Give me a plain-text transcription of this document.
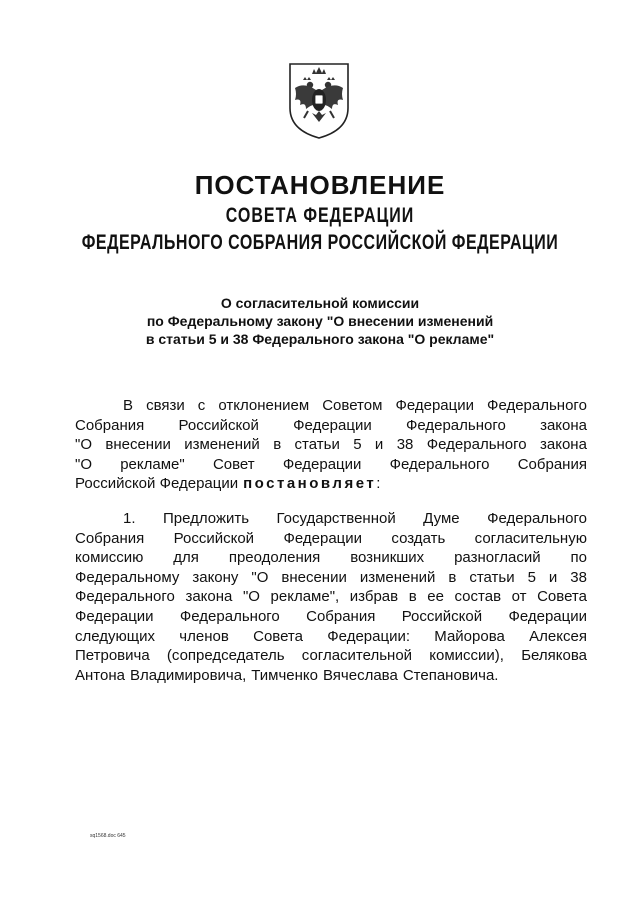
ПОСТАНОВЛЕНИЕ
СОВЕТА ФЕДЕРАЦИИ
ФЕДЕРАЛЬНОГО СОБРАНИЯ РОССИЙСКОЙ ФЕДЕРАЦИИ
О согласительной комиссии
по Федеральному закону "О внесении изменений
в статьи 5 и 38 Федерального закона "О рекламе"
В связи с отклонением Советом Федерации Федерального
Собрания Российской Федерации Федерального закона
"О внесении изменений в статьи 5 и 38 Федерального закона
"О рекламе" Совет Федерации Федерального Собрания
Российской Федерации постановляет :
1. Предложить Государственной Думе Федерального
Собрания Российской Федерации создать согласительную
комиссию для преодоления возникших разногласий по
Федеральному закону "О внесении изменений в статьи 5 и 38
Федерального закона "О рекламе", избрав в ее состав от Совета
Федерации Федерального Собрания Российской Федерации
следующих членов Совета Федерации: Майорова Алексея
Петровича (сопредседатель согласительной комиссии), Белякова
Антона Владимировича, Тимченко Вячеслава Степановича.
sq1568.doc 645
